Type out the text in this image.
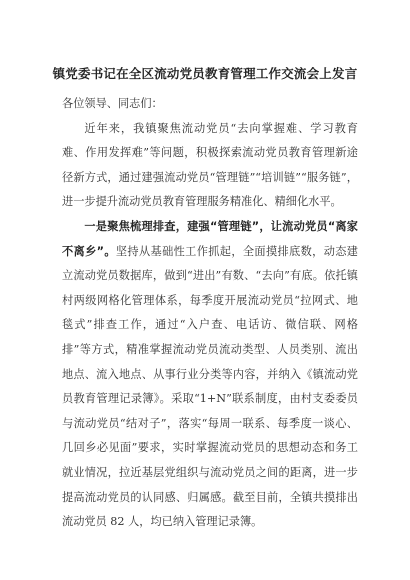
镇党委书记在全区流动党员教育管理工作交流会上发言

各位领导、同志们：

近年来，我镇聚焦流动党员“去向掌握难、学习教育难、作用发挥难”等问题，积极探索流动党员教育管理新途径新方式，通过建强流动党员“管理链”“培训链”“服务链”，进一步提升流动党员教育管理服务精准化、精细化水平。

一是聚焦梳理排查，建强“管理链”，让流动党员“离家不离乡”。坚持从基础性工作抓起，全面摸排底数，动态建立流动党员数据库，做到“进出”有数、“去向”有底。依托镇村两级网格化管理体系，每季度开展流动党员“拉网式、地毯式”排查工作，通过“入户查、电话访、微信联、网格排”等方式，精准掌握流动党员流动类型、人员类别、流出地点、流入地点、从事行业分类等内容，并纳入《镇流动党员教育管理记录簿》。采取“1+N”联系制度，由村支委委员与流动党员“结对子”，落实“每周一联系、每季度一谈心、几回乡必见面”要求，实时掌握流动党员的思想动态和务工就业情况，拉近基层党组织与流动党员之间的距离，进一步提高流动党员的认同感、归属感。截至目前，全镇共摸排出流动党员 82 人，均已纳入管理记录簿。
